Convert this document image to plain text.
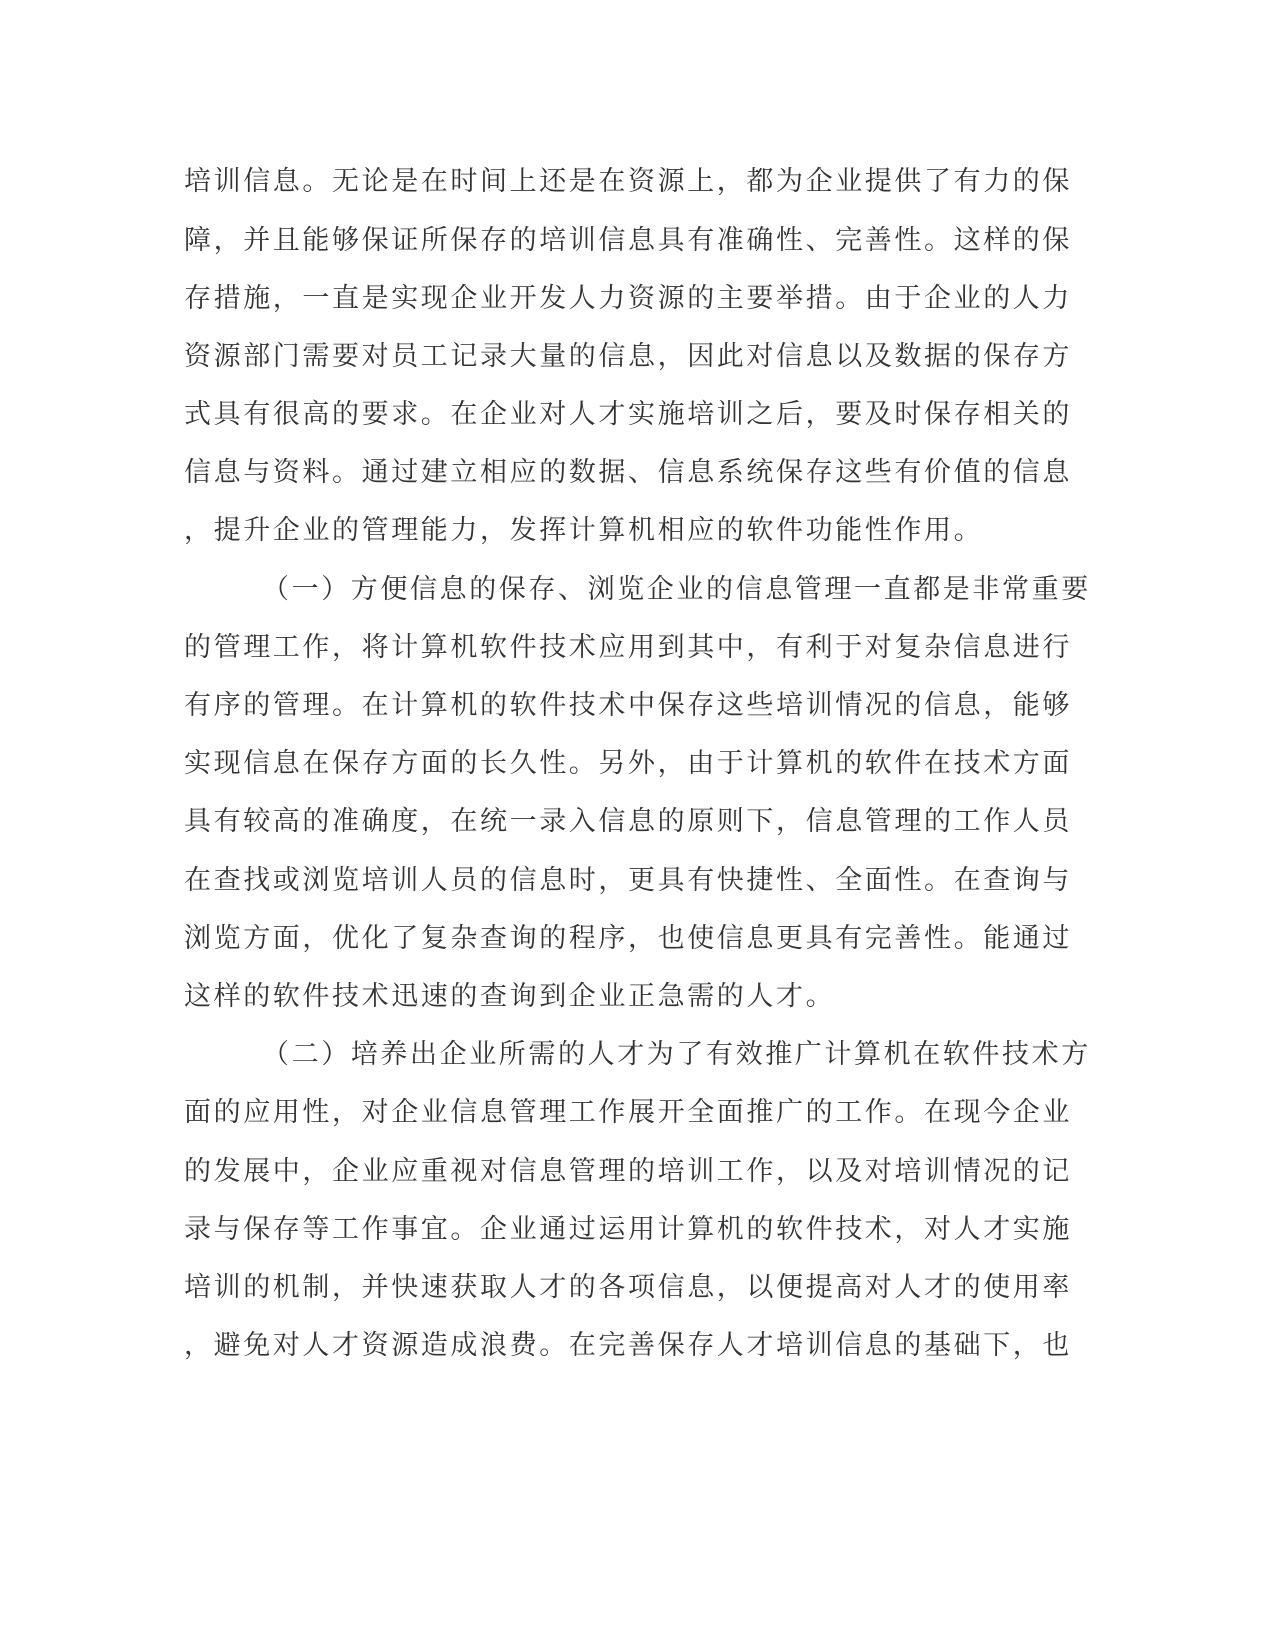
培训信息。无论是在时间上还是在资源上，都为企业提供了有力的保

障，并且能够保证所保存的培训信息具有准确性、完善性。这样的保

存措施，一直是实现企业开发人力资源的主要举措。由于企业的人力

资源部门需要对员工记录大量的信息，因此对信息以及数据的保存方

式具有很高的要求。在企业对人才实施培训之后，要及时保存相关的

信息与资料。通过建立相应的数据、信息系统保存这些有价值的信息

，提升企业的管理能力，发挥计算机相应的软件功能性作用。

（一）方便信息的保存、浏览企业的信息管理一直都是非常重要

的管理工作，将计算机软件技术应用到其中，有利于对复杂信息进行

有序的管理。在计算机的软件技术中保存这些培训情况的信息，能够

实现信息在保存方面的长久性。另外，由于计算机的软件在技术方面

具有较高的准确度，在统一录入信息的原则下，信息管理的工作人员

在查找或浏览培训人员的信息时，更具有快捷性、全面性。在查询与

浏览方面，优化了复杂查询的程序，也使信息更具有完善性。能通过

这样的软件技术迅速的查询到企业正急需的人才。

（二）培养出企业所需的人才为了有效推广计算机在软件技术方

面的应用性，对企业信息管理工作展开全面推广的工作。在现今企业

的发展中，企业应重视对信息管理的培训工作，以及对培训情况的记

录与保存等工作事宜。企业通过运用计算机的软件技术，对人才实施

培训的机制，并快速获取人才的各项信息，以便提高对人才的使用率

，避免对人才资源造成浪费。在完善保存人才培训信息的基础下，也
